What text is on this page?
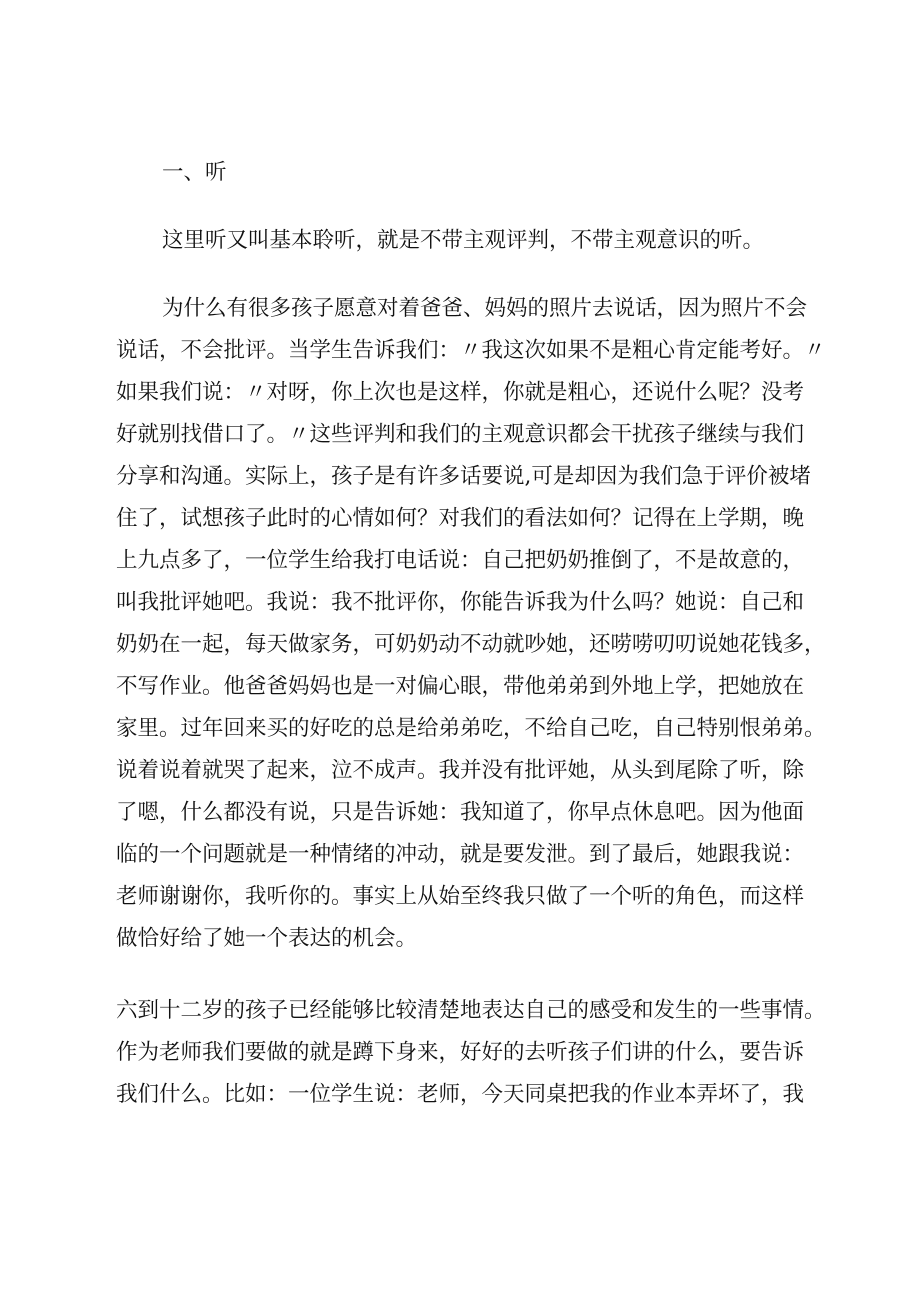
一、听
这里听又叫基本聆听，就是不带主观评判，不带主观意识的听。
为什么有很多孩子愿意对着爸爸、妈妈的照片去说话，因为照片不会
说话，不会批评。当学生告诉我们：〃我这次如果不是粗心肯定能考好。〃
如果我们说：〃对呀，你上次也是这样，你就是粗心，还说什么呢？没考
好就别找借口了。〃这些评判和我们的主观意识都会干扰孩子继续与我们
分享和沟通。实际上，孩子是有许多话要说,可是却因为我们急于评价被堵
住了，试想孩子此时的心情如何？对我们的看法如何？记得在上学期，晚
上九点多了，一位学生给我打电话说：自己把奶奶推倒了，不是故意的，
叫我批评她吧。我说：我不批评你，你能告诉我为什么吗？她说：自己和
奶奶在一起，每天做家务，可奶奶动不动就吵她，还唠唠叨叨说她花钱多，
不写作业。他爸爸妈妈也是一对偏心眼，带他弟弟到外地上学，把她放在
家里。过年回来买的好吃的总是给弟弟吃，不给自己吃，自己特别恨弟弟。
说着说着就哭了起来，泣不成声。我并没有批评她，从头到尾除了听，除
了嗯，什么都没有说，只是告诉她：我知道了，你早点休息吧。因为他面
临的一个问题就是一种情绪的冲动，就是要发泄。到了最后，她跟我说：
老师谢谢你，我听你的。事实上从始至终我只做了一个听的角色，而这样
做恰好给了她一个表达的机会。
六到十二岁的孩子已经能够比较清楚地表达自己的感受和发生的一些事情。
作为老师我们要做的就是蹲下身来，好好的去听孩子们讲的什么，要告诉
我们什么。比如：一位学生说：老师，今天同桌把我的作业本弄坏了，我
